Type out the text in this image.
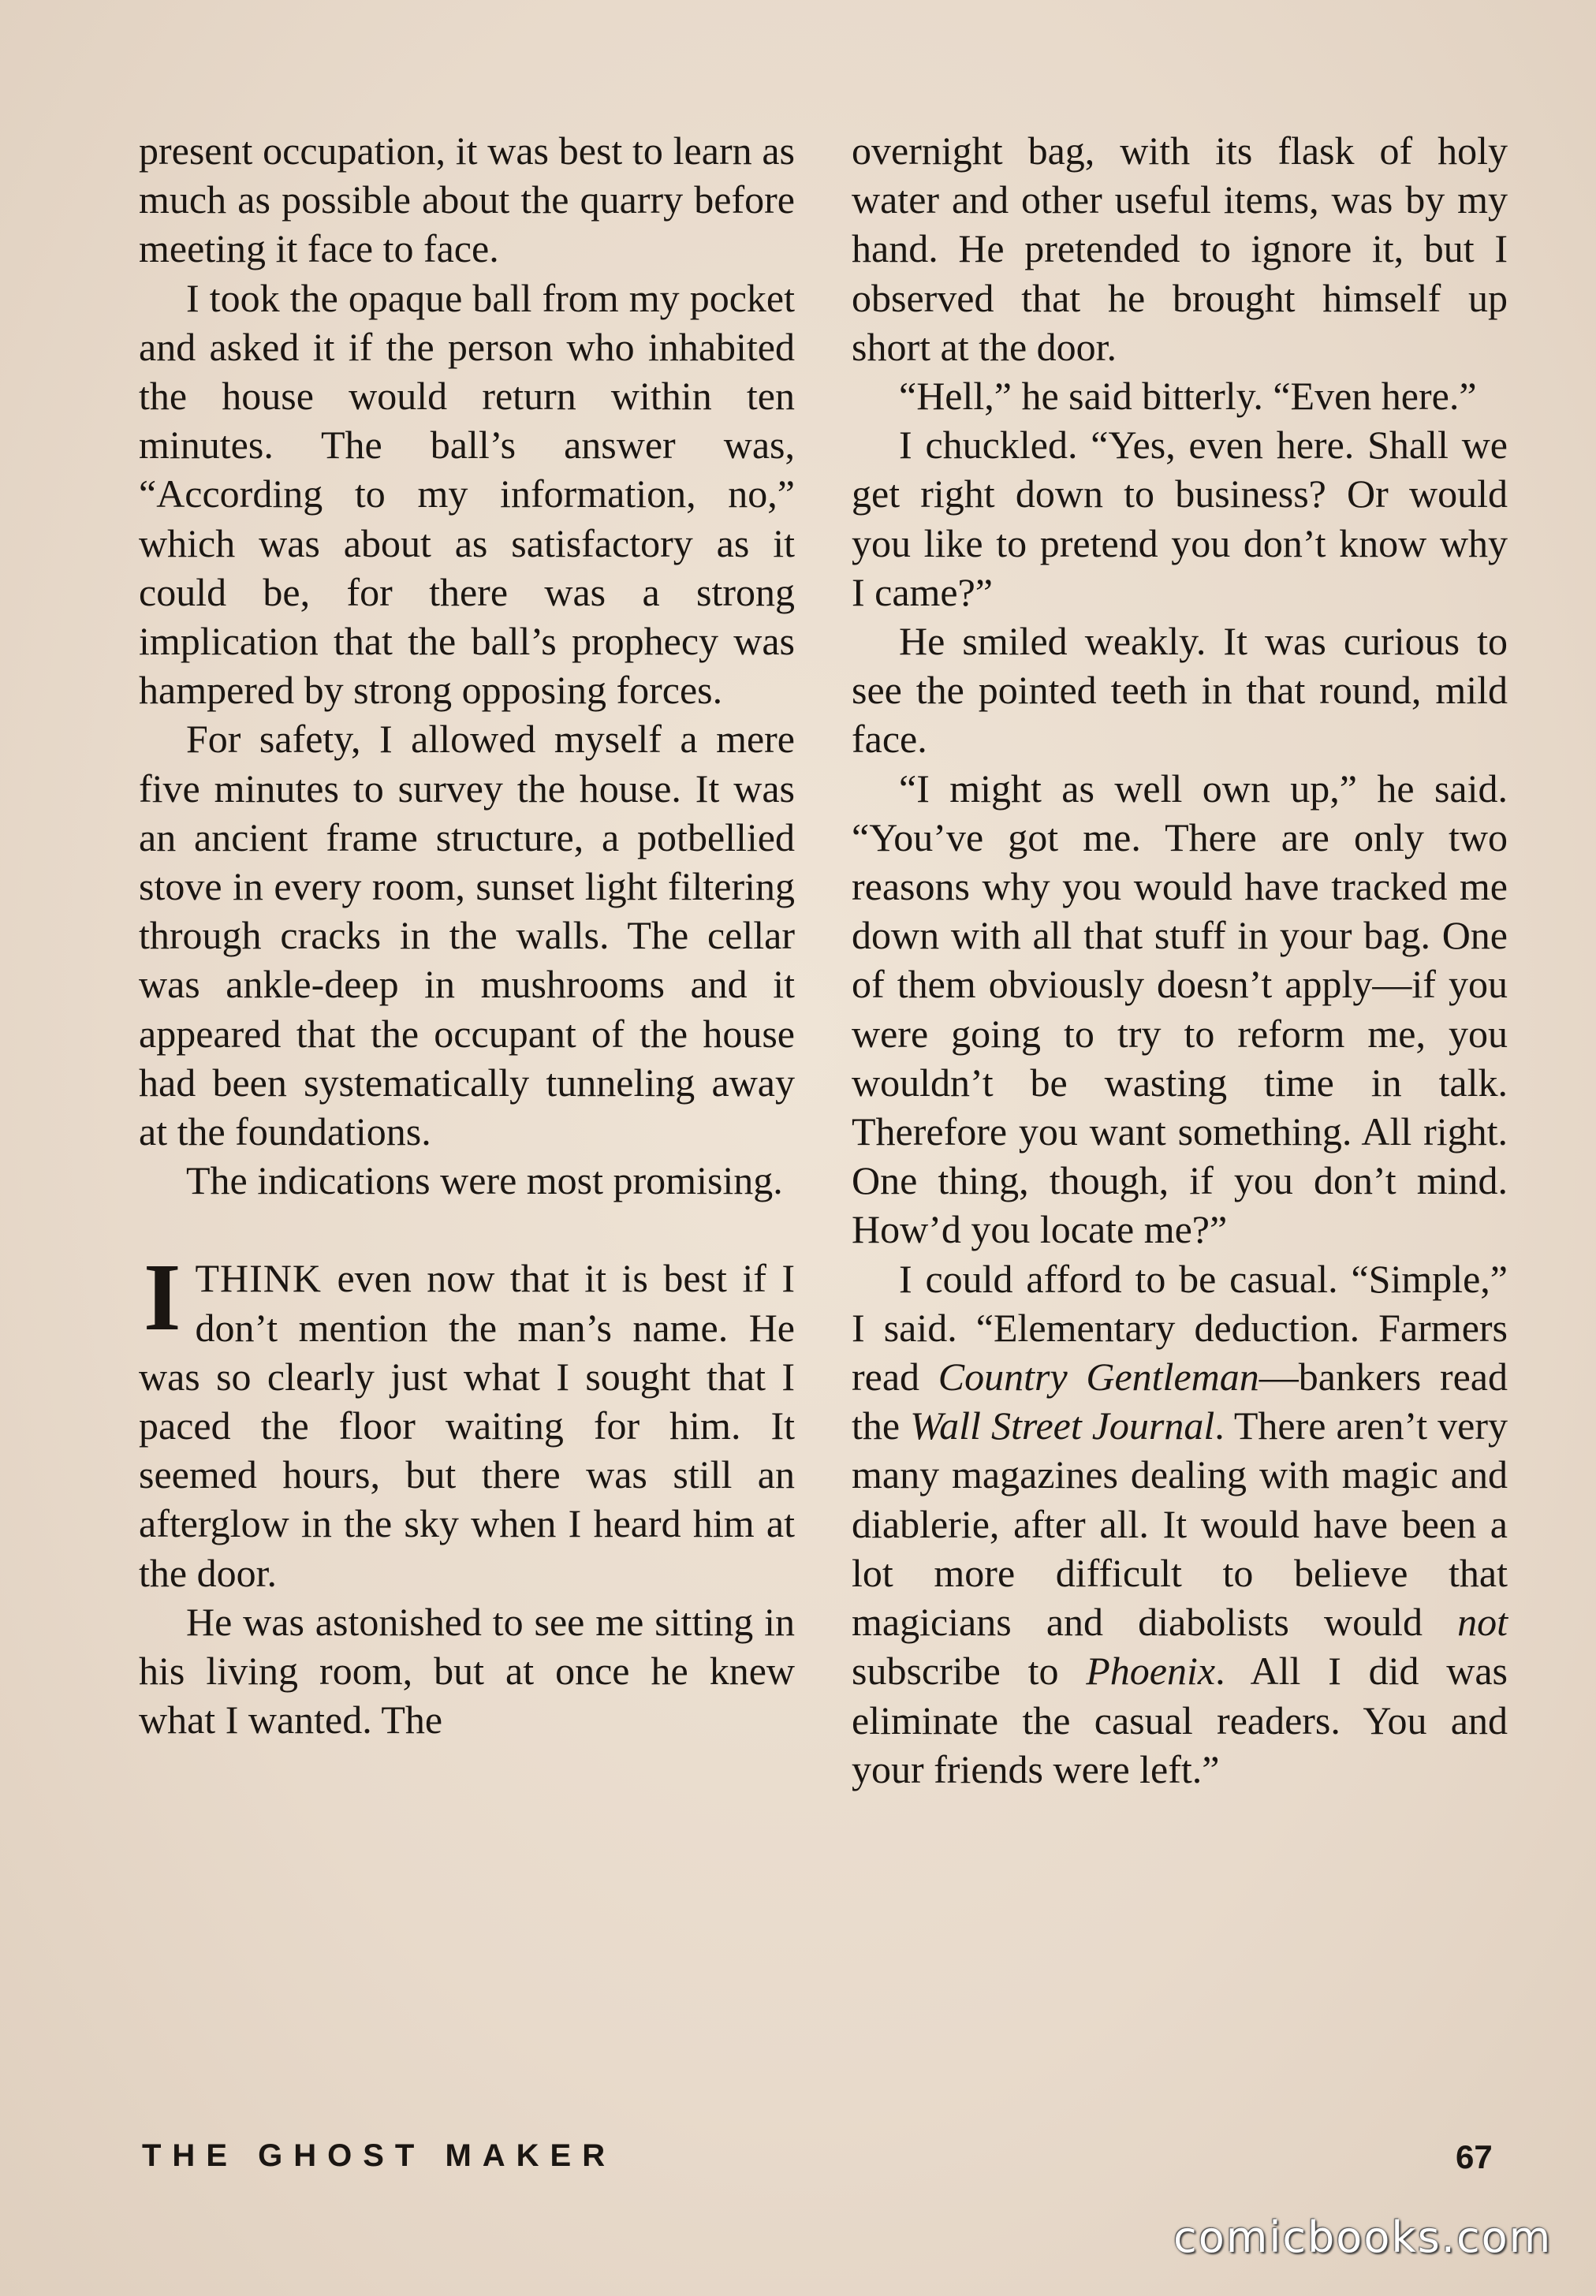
present occupation, it was best to learn as much as possible about the quarry before meeting it face to face.

I took the opaque ball from my pocket and asked it if the person who inhabited the house would return within ten minutes. The ball’s answer was, “According to my information, no,” which was about as satisfactory as it could be, for there was a strong implication that the ball’s prophecy was hampered by strong opposing forces.

For safety, I allowed myself a mere five minutes to survey the house. It was an ancient frame structure, a potbellied stove in every room, sunset light filtering through cracks in the walls. The cellar was ankle-deep in mushrooms and it appeared that the occupant of the house had been systematically tunneling away at the foundations.

The indications were most promising.

ITHINK even now that it is best if I don’t mention the man’s name. He was so clearly just what I sought that I paced the floor waiting for him. It seemed hours, but there was still an afterglow in the sky when I heard him at the door.

He was astonished to see me sitting in his living room, but at once he knew what I wanted. The

overnight bag, with its flask of holy water and other useful items, was by my hand. He pretended to ignore it, but I observed that he brought himself up short at the door.

“Hell,” he said bitterly. “Even here.”

I chuckled. “Yes, even here. Shall we get right down to business? Or would you like to pretend you don’t know why I came?”

He smiled weakly. It was curious to see the pointed teeth in that round, mild face.

“I might as well own up,” he said. “You’ve got me. There are only two reasons why you would have tracked me down with all that stuff in your bag. One of them obviously doesn’t apply—if you were going to try to reform me, you wouldn’t be wasting time in talk. Therefore you want something. All right. One thing, though, if you don’t mind. How’d you locate me?”

I could afford to be casual. “Simple,” I said. “Elementary deduction. Farmers read Country Gentleman—bankers read the Wall Street Journal. There aren’t very many magazines dealing with magic and diablerie, after all. It would have been a lot more difficult to believe that magicians and diabolists would not subscribe to Phoenix. All I did was eliminate the casual readers. You and your friends were left.”

THE GHOST MAKER	67
comicbooks.com
